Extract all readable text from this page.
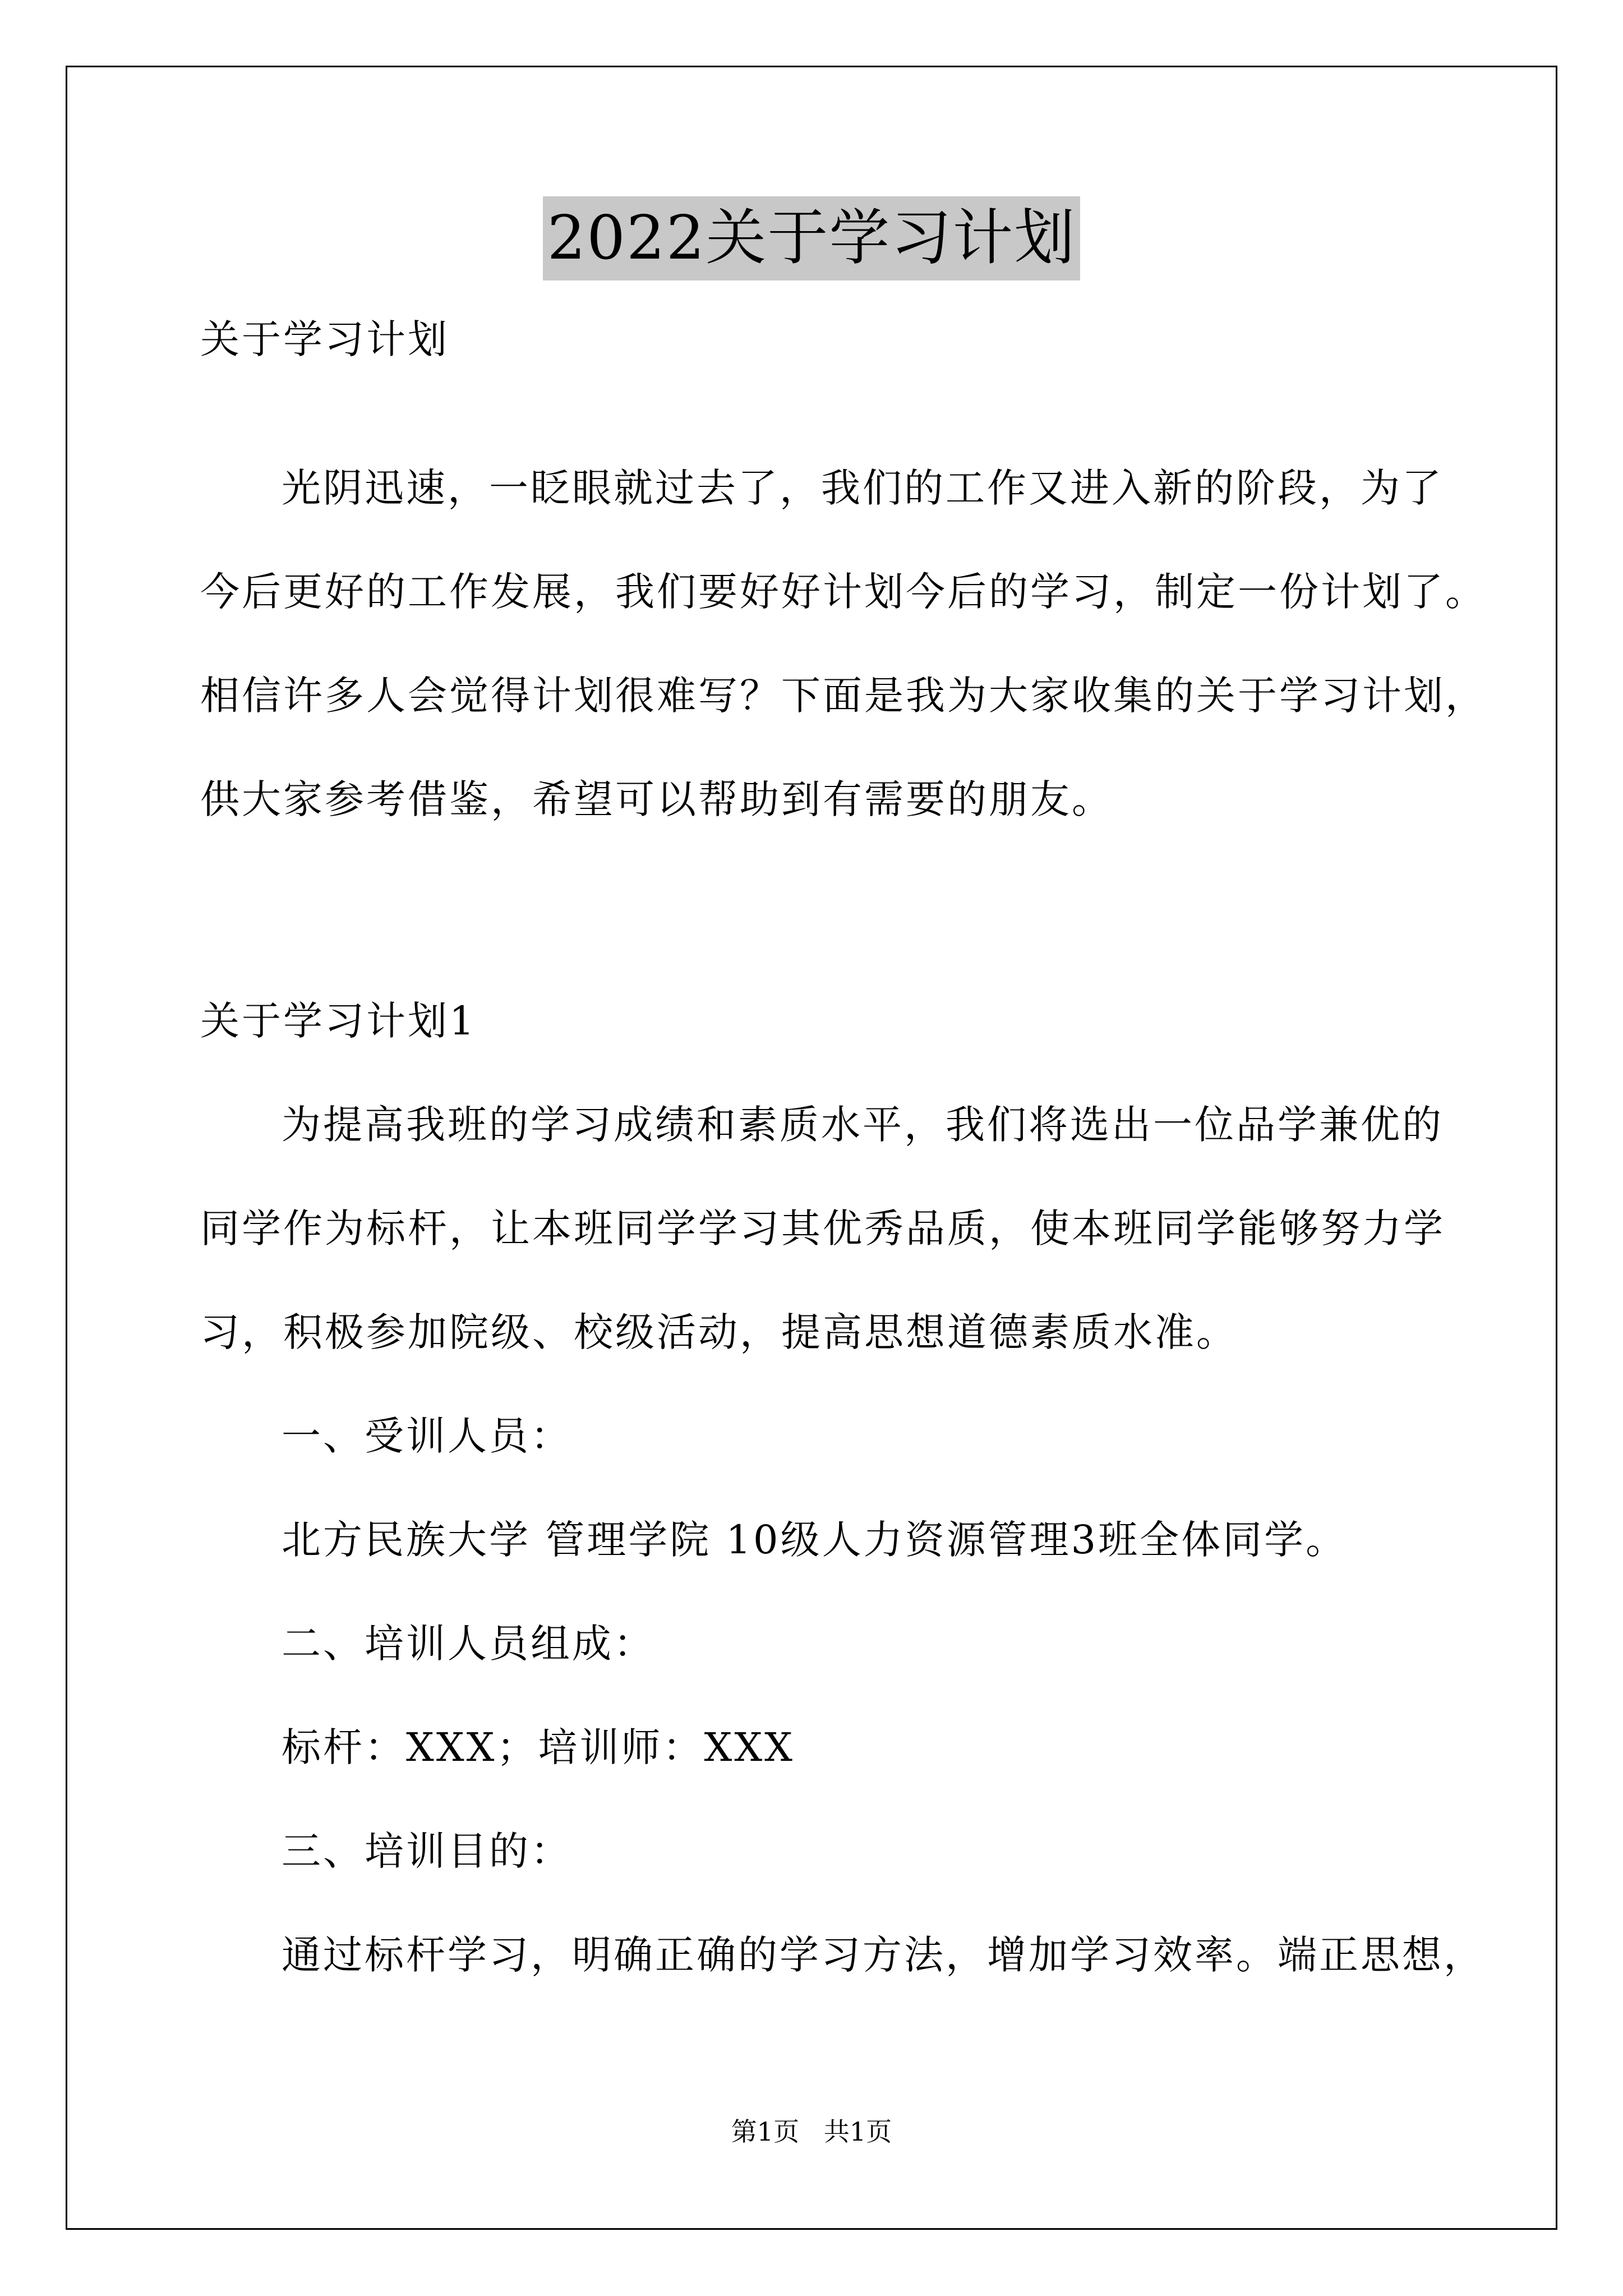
2022关于学习计划
关于学习计划
光阴迅速，一眨眼就过去了，我们的工作又进入新的阶段，为了
今后更好的工作发展，我们要好好计划今后的学习，制定一份计划了。
相信许多人会觉得计划很难写？下面是我为大家收集的关于学习计划，
供大家参考借鉴，希望可以帮助到有需要的朋友。
关于学习计划1
为提高我班的学习成绩和素质水平，我们将选出一位品学兼优的
同学作为标杆，让本班同学学习其优秀品质，使本班同学能够努力学
习，积极参加院级、校级活动，提高思想道德素质水准。
一、受训人员：
北方民族大学 管理学院 10级人力资源管理3班全体同学。
二、培训人员组成：
标杆：XXX；培训师：XXX
三、培训目的：
通过标杆学习，明确正确的学习方法，增加学习效率。端正思想，
第1页   共1页
